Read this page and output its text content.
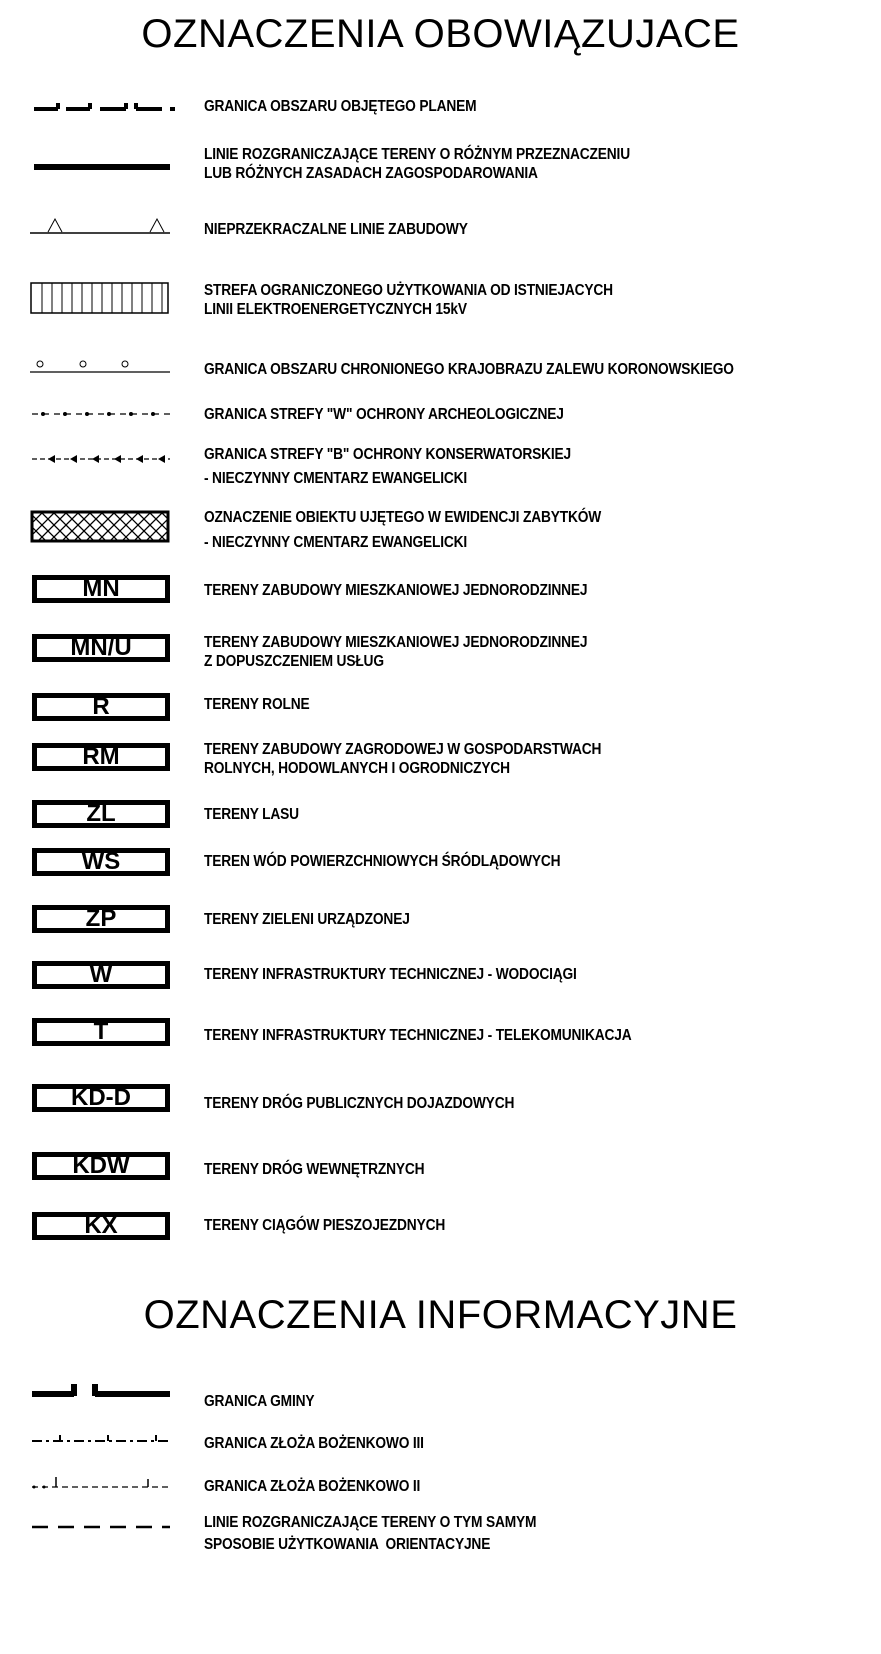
OZNACZENIA OBOWIĄZUJACE
OZNACZENIA INFORMACYJNE
GRANICA OBSZARU OBJĘTEGO PLANEM
LINIE ROZGRANICZAJĄCE TERENY O RÓŻNYM PRZEZNACZENIU
LUB RÓŻNYCH ZASADACH ZAGOSPODAROWANIA
NIEPRZEKRACZALNE LINIE ZABUDOWY
STREFA OGRANICZONEGO UŻYTKOWANIA OD ISTNIEJACYCH
LINII ELEKTROENERGETYCZNYCH 15kV
GRANICA OBSZARU CHRONIONEGO KRAJOBRAZU ZALEWU KORONOWSKIEGO
GRANICA STREFY "W" OCHRONY ARCHEOLOGICZNEJ
GRANICA STREFY "B" OCHRONY KONSERWATORSKIEJ
- NIECZYNNY CMENTARZ EWANGELICKI
OZNACZENIE OBIEKTU UJĘTEGO W EWIDENCJI ZABYTKÓW
- NIECZYNNY CMENTARZ EWANGELICKI
MN	TERENY ZABUDOWY MIESZKANIOWEJ JEDNORODZINNEJ
MN/U	TERENY ZABUDOWY MIESZKANIOWEJ JEDNORODZINNEJ
Z DOPUSZCZENIEM USŁUG
R	TERENY ROLNE
RM	TERENY ZABUDOWY ZAGRODOWEJ W GOSPODARSTWACH
ROLNYCH, HODOWLANYCH I OGRODNICZYCH
ZL	TERENY LASU
WS	TEREN WÓD POWIERZCHNIOWYCH ŚRÓDLĄDOWYCH
ZP	TERENY ZIELENI URZĄDZONEJ
W	TERENY INFRASTRUKTURY TECHNICZNEJ - WODOCIĄGI
T	TERENY INFRASTRUKTURY TECHNICZNEJ - TELEKOMUNIKACJA
KD-D	TERENY DRÓG PUBLICZNYCH DOJAZDOWYCH
KDW	TERENY DRÓG WEWNĘTRZNYCH
KX	TERENY CIĄGÓW PIESZOJEZDNYCH
GRANICA GMINY
GRANICA ZŁOŻA BOŻENKOWO III
GRANICA ZŁOŻA BOŻENKOWO II
LINIE ROZGRANICZAJĄCE TERENY O TYM SAMYM
SPOSOBIE UŻYTKOWANIA  ORIENTACYJNE
